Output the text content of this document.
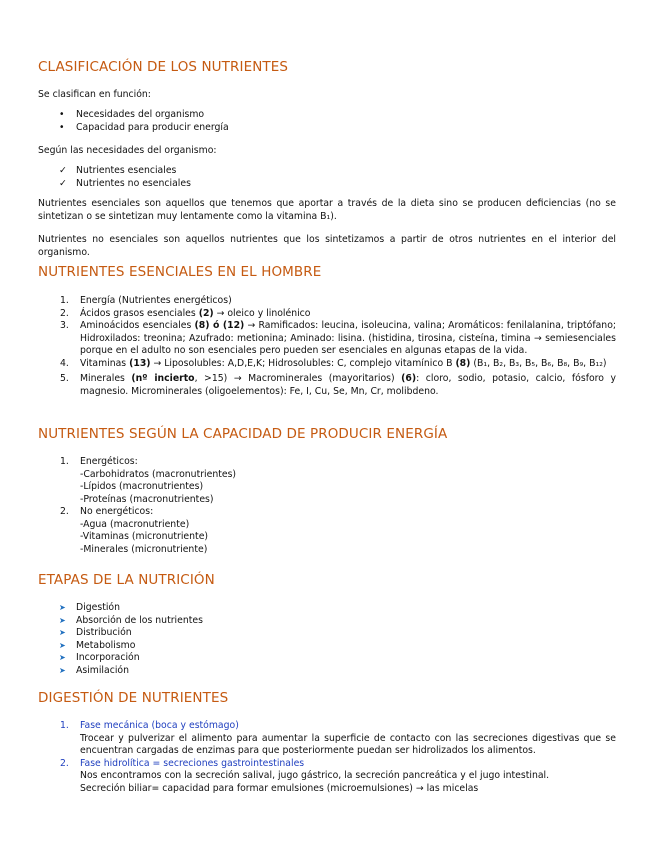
CLASIFICACIÓN DE LOS NUTRIENTES

Se clasifican en función:

• Necesidades del organismo
• Capacidad para producir energía

Según las necesidades del organismo:

✓ Nutrientes esenciales
✓ Nutrientes no esenciales

Nutrientes esenciales son aquellos que tenemos que aportar a través de la dieta sino se producen deficiencias (no se sintetizan o se sintetizan muy lentamente como la vitamina B₁).

Nutrientes no esenciales son aquellos nutrientes que los sintetizamos a partir de otros nutrientes en el interior del organismo.

NUTRIENTES ESENCIALES EN EL HOMBRE
1. Energía (Nutrientes energéticos)
2. Ácidos grasos esenciales (2) → oleico y linolénico
3. Aminoácidos esenciales (8) ó (12) → Ramificados: leucina, isoleucina, valina; Aromáticos: fenilalanina, triptófano; Hidroxilados: treonina; Azufrado: metionina; Aminado: lisina. (histidina, tirosina, cisteína, timina → semiesenciales porque en el adulto no son esenciales pero pueden ser esenciales en algunas etapas de la vida.
4. Vitaminas (13) → Liposolubles: A,D,E,K; Hidrosolubles: C, complejo vitamínico B (8) (B₁, B₂, B₃, B₅, B₆, B₈, B₉, B₁₂)
5. Minerales (nº incierto, >15) → Macrominerales (mayoritarios) (6): cloro, sodio, potasio, calcio, fósforo y magnesio. Microminerales (oligoelementos): Fe, I, Cu, Se, Mn, Cr, molibdeno.
NUTRIENTES SEGÚN LA CAPACIDAD DE PRODUCIR ENERGÍA
1. Energéticos:
-Carbohidratos (macronutrientes)
-Lípidos (macronutrientes)
-Proteínas (macronutrientes)
2. No energéticos:
-Agua (macronutriente)
-Vitaminas (micronutriente)
-Minerales (micronutriente)
ETAPAS DE LA NUTRICIÓN
➤ Digestión
➤ Absorción de los nutrientes
➤ Distribución
➤ Metabolismo
➤ Incorporación
➤ Asimilación
DIGESTIÓN DE NUTRIENTES
1. Fase mecánica (boca y estómago)
Trocear y pulverizar el alimento para aumentar la superficie de contacto con las secreciones digestivas que se encuentran cargadas de enzimas para que posteriormente puedan ser hidrolizados los alimentos.
2. Fase hidrolítica = secreciones gastrointestinales
Nos encontramos con la secreción salival, jugo gástrico, la secreción pancreática y el jugo intestinal.
Secreción biliar= capacidad para formar emulsiones (microemulsiones) → las micelas
